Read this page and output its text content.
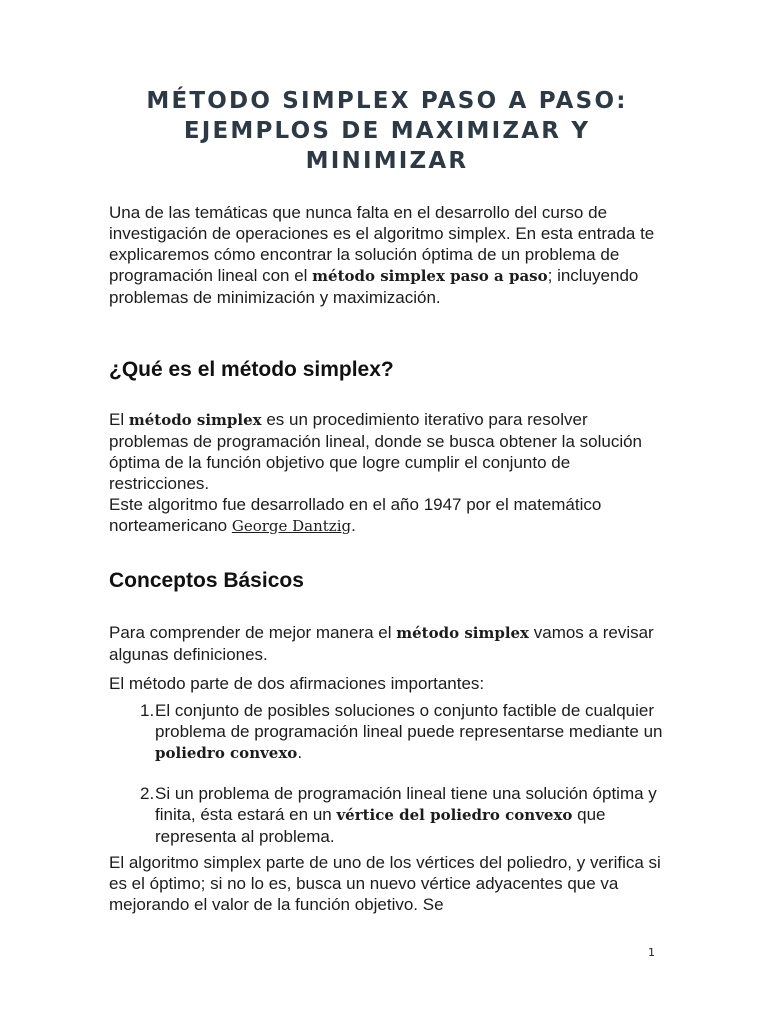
MÉTODO SIMPLEX PASO A PASO:
EJEMPLOS DE MAXIMIZAR Y
MINIMIZAR

Una de las temáticas que nunca falta en el desarrollo del curso de investigación de operaciones es el algoritmo simplex. En esta entrada te explicaremos cómo encontrar la solución óptima de un problema de programación lineal con el método simplex paso a paso; incluyendo problemas de minimización y maximización.

¿Qué es el método simplex?

El método simplex es un procedimiento iterativo para resolver problemas de programación lineal, donde se busca obtener la solución óptima de la función objetivo que logre cumplir el conjunto de restricciones.

Este algoritmo fue desarrollado en el año 1947 por el matemático norteamericano George Dantzig.

Conceptos Básicos

Para comprender de mejor manera el método simplex vamos a revisar algunas definiciones.

El método parte de dos afirmaciones importantes:

1. El conjunto de posibles soluciones o conjunto factible de cualquier problema de programación lineal puede representarse mediante un poliedro convexo.
2. Si un problema de programación lineal tiene una solución óptima y finita, ésta estará en un vértice del poliedro convexo que representa al problema.

El algoritmo simplex parte de uno de los vértices del poliedro, y verifica si es el óptimo; si no lo es, busca un nuevo vértice adyacentes que va mejorando el valor de la función objetivo. Se

1
